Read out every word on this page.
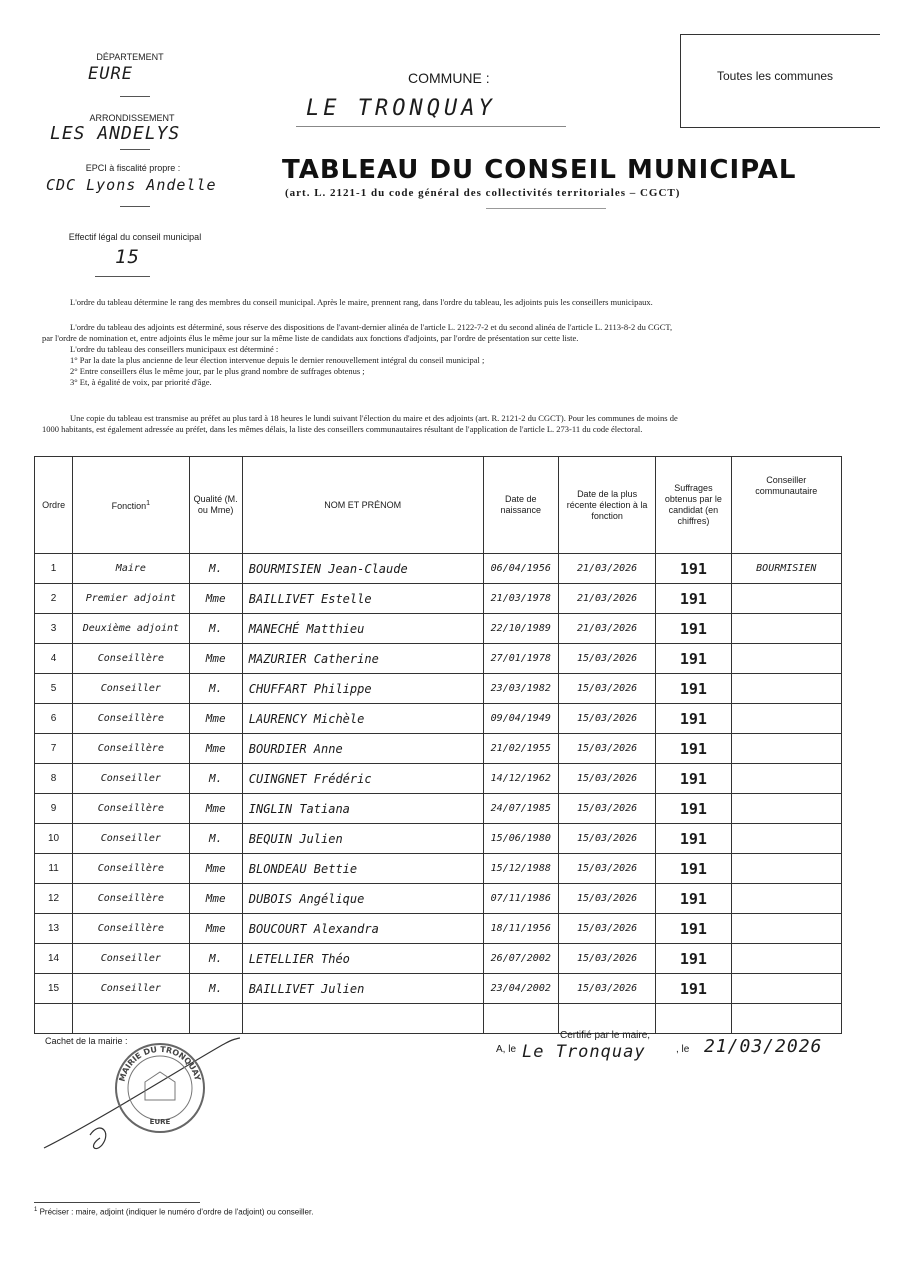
DÉPARTEMENT
EURE
ARRONDISSEMENT
LES ANDELYS
EPCI à fiscalité propre :
CDC Lyons Andelle
Effectif légal du conseil municipal
15
COMMUNE :
LE TRONQUAY
Toutes les communes
TABLEAU DU CONSEIL MUNICIPAL
(art. L. 2121-1 du code général des collectivités territoriales – CGCT)
L'ordre du tableau détermine le rang des membres du conseil municipal. Après le maire, prennent rang, dans l'ordre du tableau, les adjoints puis les conseillers municipaux.
L'ordre du tableau des adjoints est déterminé, sous réserve des dispositions de l'avant-dernier alinéa de l'article L. 2122-7-2 et du second alinéa de l'article L. 2113-8-2 du CGCT,
par l'ordre de nomination et, entre adjoints élus le même jour sur la même liste de candidats aux fonctions d'adjoints, par l'ordre de présentation sur cette liste.
L'ordre du tableau des conseillers municipaux est déterminé :
1° Par la date la plus ancienne de leur élection intervenue depuis le dernier renouvellement intégral du conseil municipal ;
2° Entre conseillers élus le même jour, par le plus grand nombre de suffrages obtenus ;
3° Et, à égalité de voix, par priorité d'âge.
Une copie du tableau est transmise au préfet au plus tard à 18 heures le lundi suivant l'élection du maire et des adjoints (art. R. 2121-2 du CGCT). Pour les communes de moins de
1000 habitants, est également adressée au préfet, dans les mêmes délais, la liste des conseillers communautaires résultant de l'application de l'article L. 273-11 du code électoral.
Ordre	Fonction$^1$	Qualité (M. ou Mme)	NOM ET PRÉNOM	Date de naissance	Date de la plus récente élection à la fonction	Suffrages obtenus par le candidat (en chiffres)	Conseiller communautaire
1	Maire	M.	BOURMISIEN Jean-Claude	06/04/1956	21/03/2026	191	BOURMISIEN
2	Premier adjoint	Mme	BAILLIVET Estelle	21/03/1978	21/03/2026	191	
3	Deuxième adjoint	M.	MANECHÉ Matthieu	22/10/1989	21/03/2026	191	
4	Conseillère	Mme	MAZURIER Catherine	27/01/1978	15/03/2026	191	
5	Conseiller	M.	CHUFFART Philippe	23/03/1982	15/03/2026	191	
6	Conseillère	Mme	LAURENCY Michèle	09/04/1949	15/03/2026	191	
7	Conseillère	Mme	BOURDIER Anne	21/02/1955	15/03/2026	191	
8	Conseiller	M.	CUINGNET Frédéric	14/12/1962	15/03/2026	191	
9	Conseillère	Mme	INGLIN Tatiana	24/07/1985	15/03/2026	191	
10	Conseiller	M.	BEQUIN Julien	15/06/1980	15/03/2026	191	
11	Conseillère	Mme	BLONDEAU Bettie	15/12/1988	15/03/2026	191	
12	Conseillère	Mme	DUBOIS Angélique	07/11/1986	15/03/2026	191	
13	Conseillère	Mme	BOUCOURT Alexandra	18/11/1956	15/03/2026	191	
14	Conseiller	M.	LETELLIER Théo	26/07/2002	15/03/2026	191	
15	Conseiller	M.	BAILLIVET Julien	23/04/2002	15/03/2026	191	

Cachet de la mairie :	Certifié par le maire,
A, le Le Tronquay	, le 21/03/2026
MAIRIE DU TRONQUAY
EURE
$^1$ Préciser : maire, adjoint (indiquer le numéro d'ordre de l'adjoint) ou conseiller.
